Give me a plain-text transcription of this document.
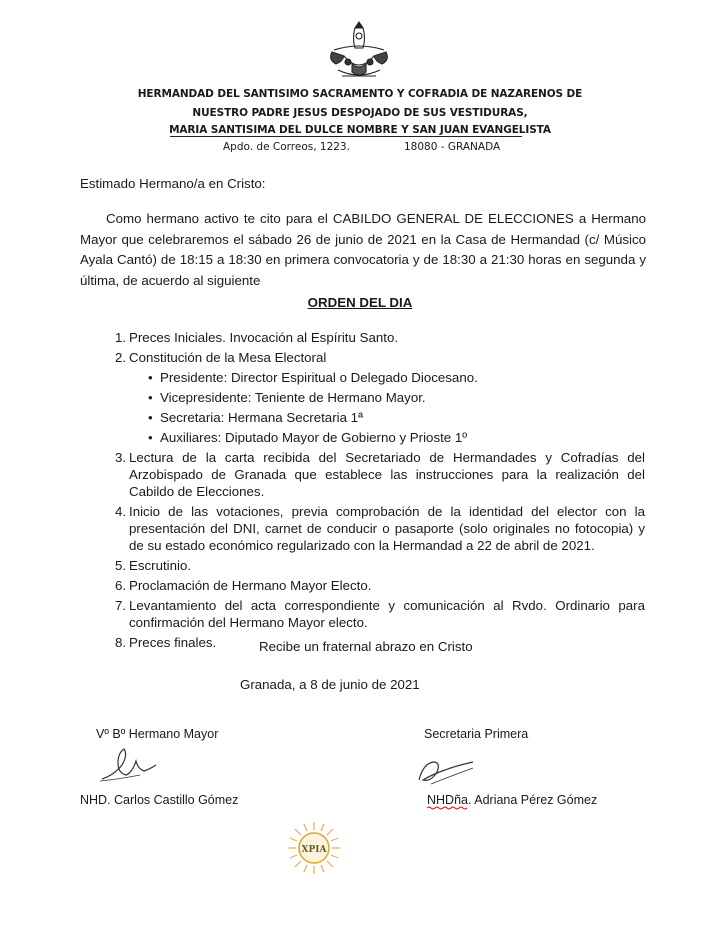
HERMANDAD DEL SANTISIMO SACRAMENTO Y COFRADIA DE NAZARENOS DE
NUESTRO PADRE JESUS DESPOJADO DE SUS VESTIDURAS,
MARIA SANTISIMA DEL DULCE NOMBRE Y SAN JUAN EVANGELISTA
Apdo. de Correos, 1223.	18080 - GRANADA
Estimado Hermano/a en Cristo:

Como hermano activo te cito para el CABILDO GENERAL DE ELECCIONES a Hermano Mayor que celebraremos el sábado 26 de junio de 2021 en la Casa de Hermandad (c/ Músico Ayala Cantó) de 18:15 a 18:30 en primera convocatoria y de 18:30 a 21:30 horas en segunda y última, de acuerdo al siguiente

ORDEN DEL DIA
1. Preces Iniciales. Invocación al Espíritu Santo.
2. Constitución de la Mesa Electoral
• Presidente: Director Espiritual o Delegado Diocesano.
• Vicepresidente: Teniente de Hermano Mayor.
• Secretaria: Hermana Secretaria 1ª
• Auxiliares: Diputado Mayor de Gobierno y Prioste 1º
3. Lectura de la carta recibida del Secretariado de Hermandades y Cofradías del Arzobispado de Granada que establece las instrucciones para la realización del Cabildo de Elecciones.
4. Inicio de las votaciones, previa comprobación de la identidad del elector con la presentación del DNI, carnet de conducir o pasaporte (solo originales no fotocopia) y de su estado económico regularizado con la Hermandad a 22 de abril de 2021.
5. Escrutinio.
6. Proclamación de Hermano Mayor Electo.
7. Levantamiento del acta correspondiente y comunicación al Rvdo. Ordinario para confirmación del Hermano Mayor electo.
8. Preces finales.	Recibe un fraternal abrazo en Cristo
Granada, a 8 de junio de 2021
Vº Bº Hermano Mayor
NHD. Carlos Castillo Gómez
Secretaria Primera
NHDña. Adriana Pérez Gómez
ΧΡΙΑ
